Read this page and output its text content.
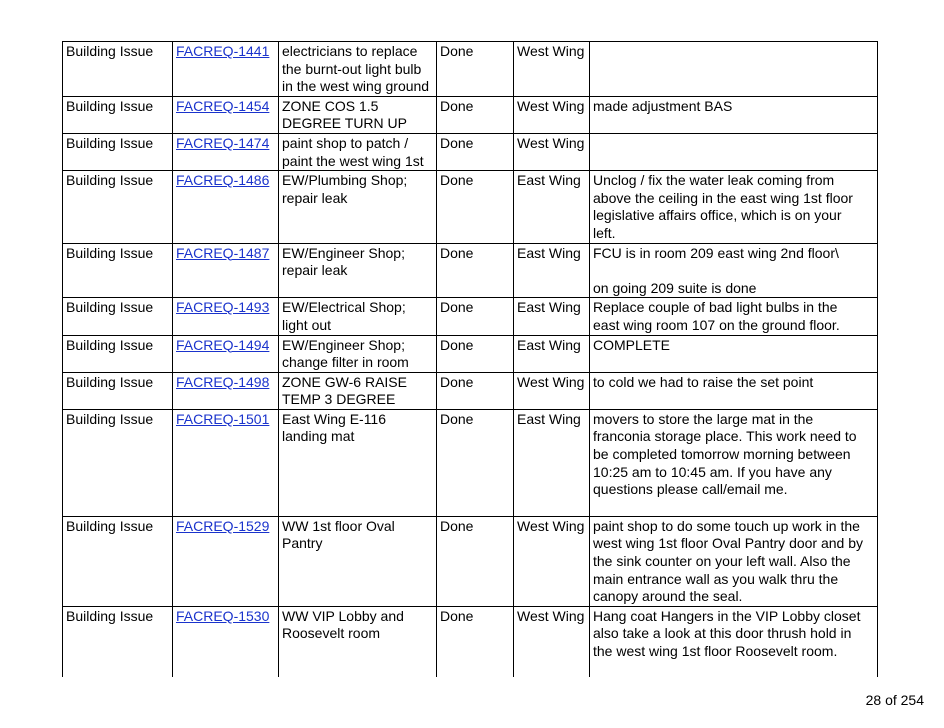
Building Issue	FACREQ-1441	electricians to replace
the burnt-out light bulb
in the west wing ground	Done	West Wing	
Building Issue	FACREQ-1454	ZONE COS 1.5
DEGREE TURN UP	Done	West Wing	made adjustment BAS
Building Issue	FACREQ-1474	paint shop to patch /
paint the west wing 1st	Done	West Wing	
Building Issue	FACREQ-1486	EW/Plumbing Shop;
repair leak	Done	East Wing	Unclog / fix the water leak coming from
above the ceiling in the east wing 1st floor
legislative affairs office, which is on your
left.
Building Issue	FACREQ-1487	EW/Engineer Shop;
repair leak	Done	East Wing	FCU is in room 209 east wing 2nd floor\

on going 209 suite is done
Building Issue	FACREQ-1493	EW/Electrical Shop;
light out	Done	East Wing	Replace couple of bad light bulbs in the
east wing room 107 on the ground floor.
Building Issue	FACREQ-1494	EW/Engineer Shop;
change filter in room	Done	East Wing	COMPLETE
Building Issue	FACREQ-1498	ZONE GW-6 RAISE
TEMP 3 DEGREE	Done	West Wing	to cold we had to raise the set point
Building Issue	FACREQ-1501	East Wing E-116
landing mat	Done	East Wing	movers to store the large mat in the
franconia storage place. This work need to
be completed tomorrow morning between
10:25 am to 10:45 am. If you have any
questions please call/email me.
Building Issue	FACREQ-1529	WW 1st floor Oval
Pantry	Done	West Wing	paint shop to do some touch up work in the
west wing 1st floor Oval Pantry door and by
the sink counter on your left wall. Also the
main entrance wall as you walk thru the
canopy around the seal.
Building Issue	FACREQ-1530	WW VIP Lobby and
Roosevelt room	Done	West Wing	Hang coat Hangers in the VIP Lobby closet
also take a look at this door thrush hold in
the west wing 1st floor Roosevelt room.
28 of 254
